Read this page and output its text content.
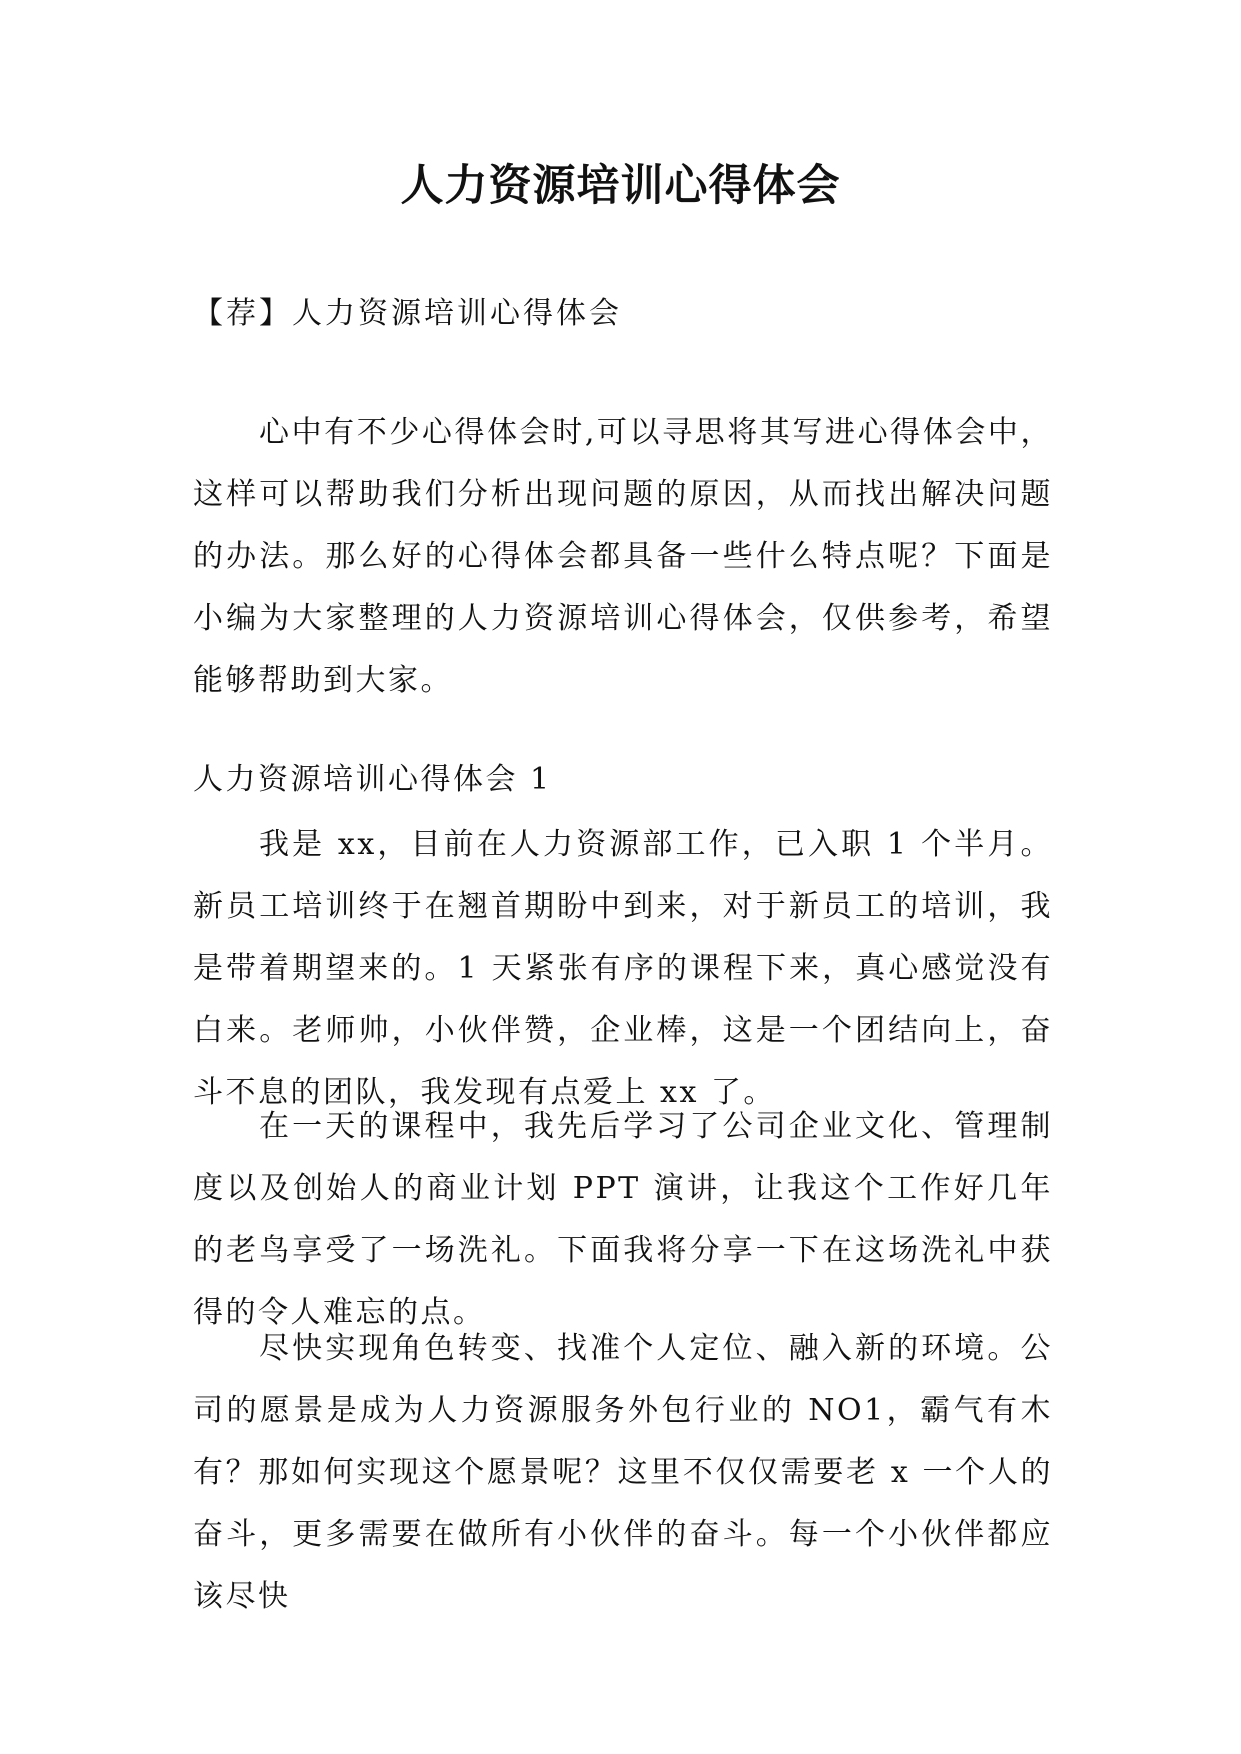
人力资源培训心得体会

【荐】人力资源培训心得体会

心中有不少心得体会时,可以寻思将其写进心得体会中，这样可以帮助我们分析出现问题的原因，从而找出解决问题的办法。那么好的心得体会都具备一些什么特点呢？下面是小编为大家整理的人力资源培训心得体会，仅供参考，希望能够帮助到大家。

人力资源培训心得体会 1

我是 xx，目前在人力资源部工作，已入职 1 个半月。新员工培训终于在翘首期盼中到来，对于新员工的培训，我是带着期望来的。1 天紧张有序的课程下来，真心感觉没有白来。老师帅，小伙伴赞，企业棒，这是一个团结向上，奋斗不息的团队，我发现有点爱上 xx 了。

在一天的课程中，我先后学习了公司企业文化、管理制度以及创始人的商业计划 PPT 演讲，让我这个工作好几年的老鸟享受了一场洗礼。下面我将分享一下在这场洗礼中获得的令人难忘的点。

尽快实现角色转变、找准个人定位、融入新的环境。公司的愿景是成为人力资源服务外包行业的 NO1，霸气有木有？那如何实现这个愿景呢？这里不仅仅需要老 x 一个人的奋斗，更多需要在做所有小伙伴的奋斗。每一个小伙伴都应该尽快
